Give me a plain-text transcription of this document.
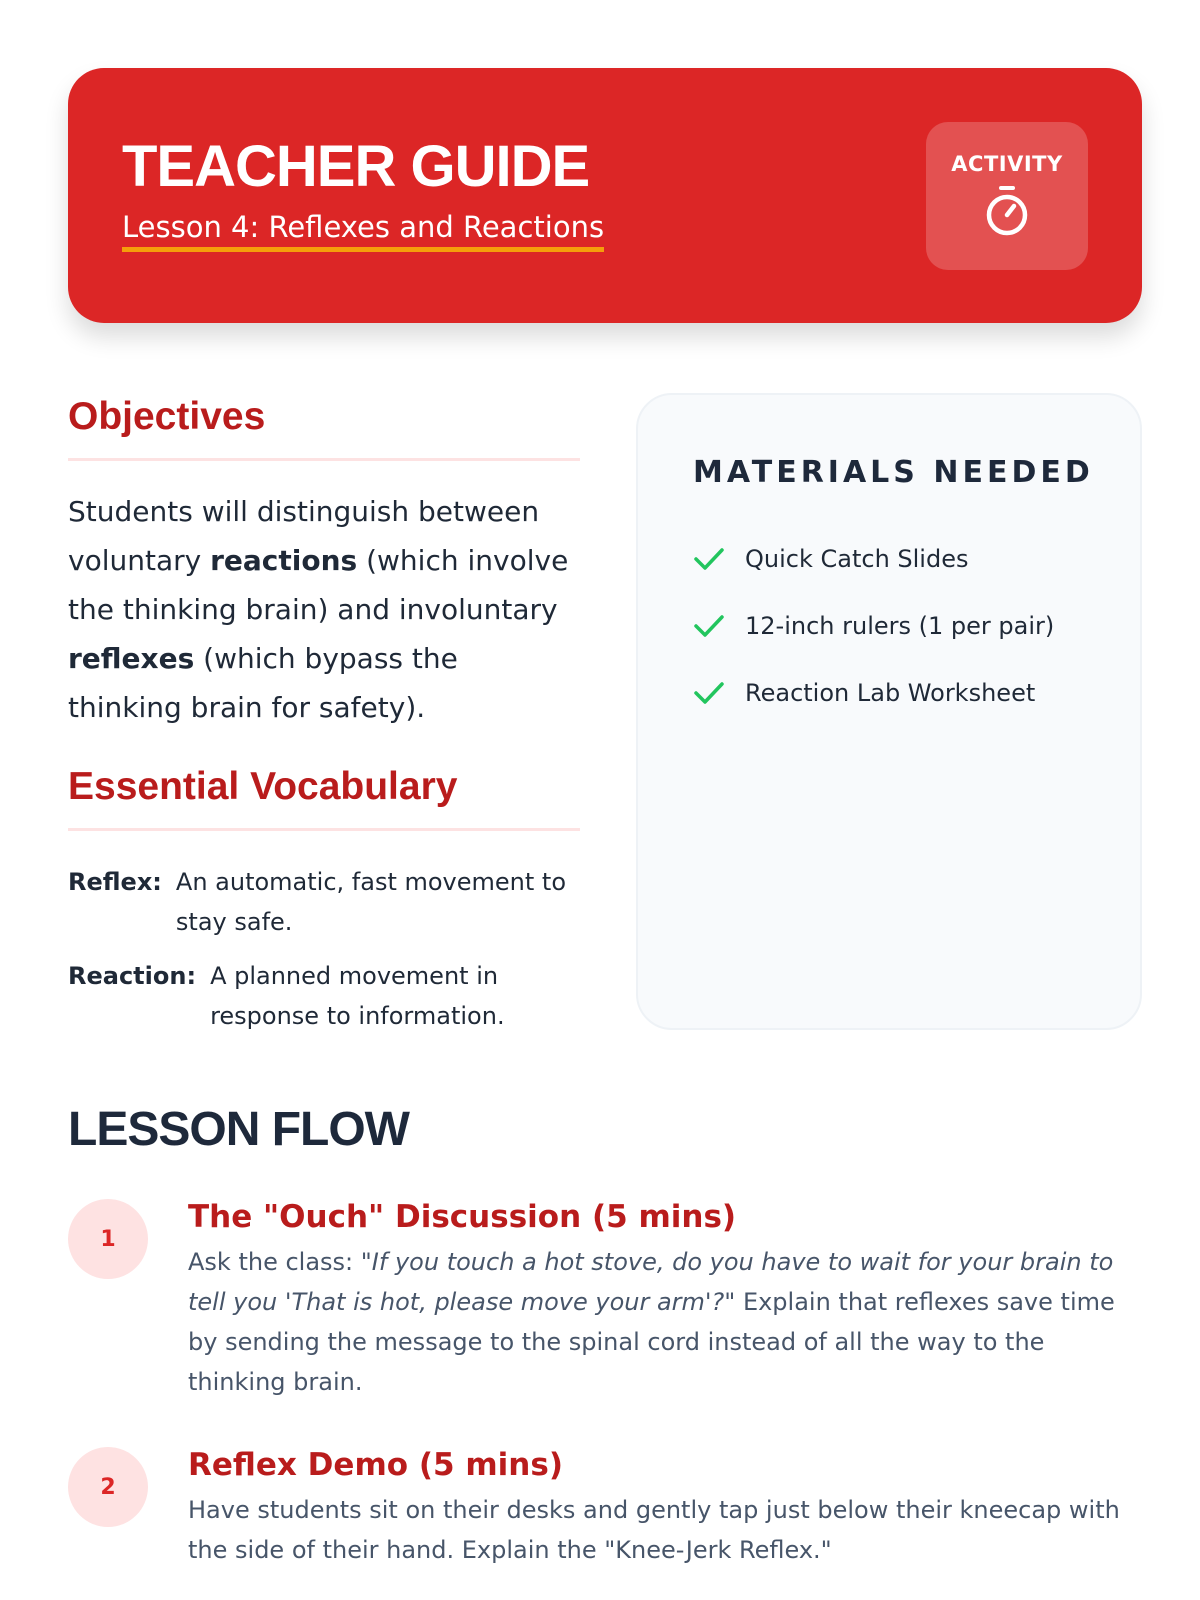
TEACHER GUIDE
Lesson 4: Reflexes and Reactions
ACTIVITY
Objectives
Students will distinguish between voluntary reactions (which involve the thinking brain) and involuntary reflexes (which bypass the thinking brain for safety).
Essential Vocabulary
Reflex: An automatic, fast movement to stay safe.
Reaction: A planned movement in response to information.
MATERIALS NEEDED
Quick Catch Slides
12-inch rulers (1 per pair)
Reaction Lab Worksheet
LESSON FLOW
1

The "Ouch" Discussion (5 mins)

Ask the class: "If you touch a hot stove, do you have to wait for your brain to tell you 'That is hot, please move your arm'?" Explain that reflexes save time by sending the message to the spinal cord instead of all the way to the thinking brain.

2

Reflex Demo (5 mins)

Have students sit on their desks and gently tap just below their kneecap with the side of their hand. Explain the "Knee-Jerk Reflex."
